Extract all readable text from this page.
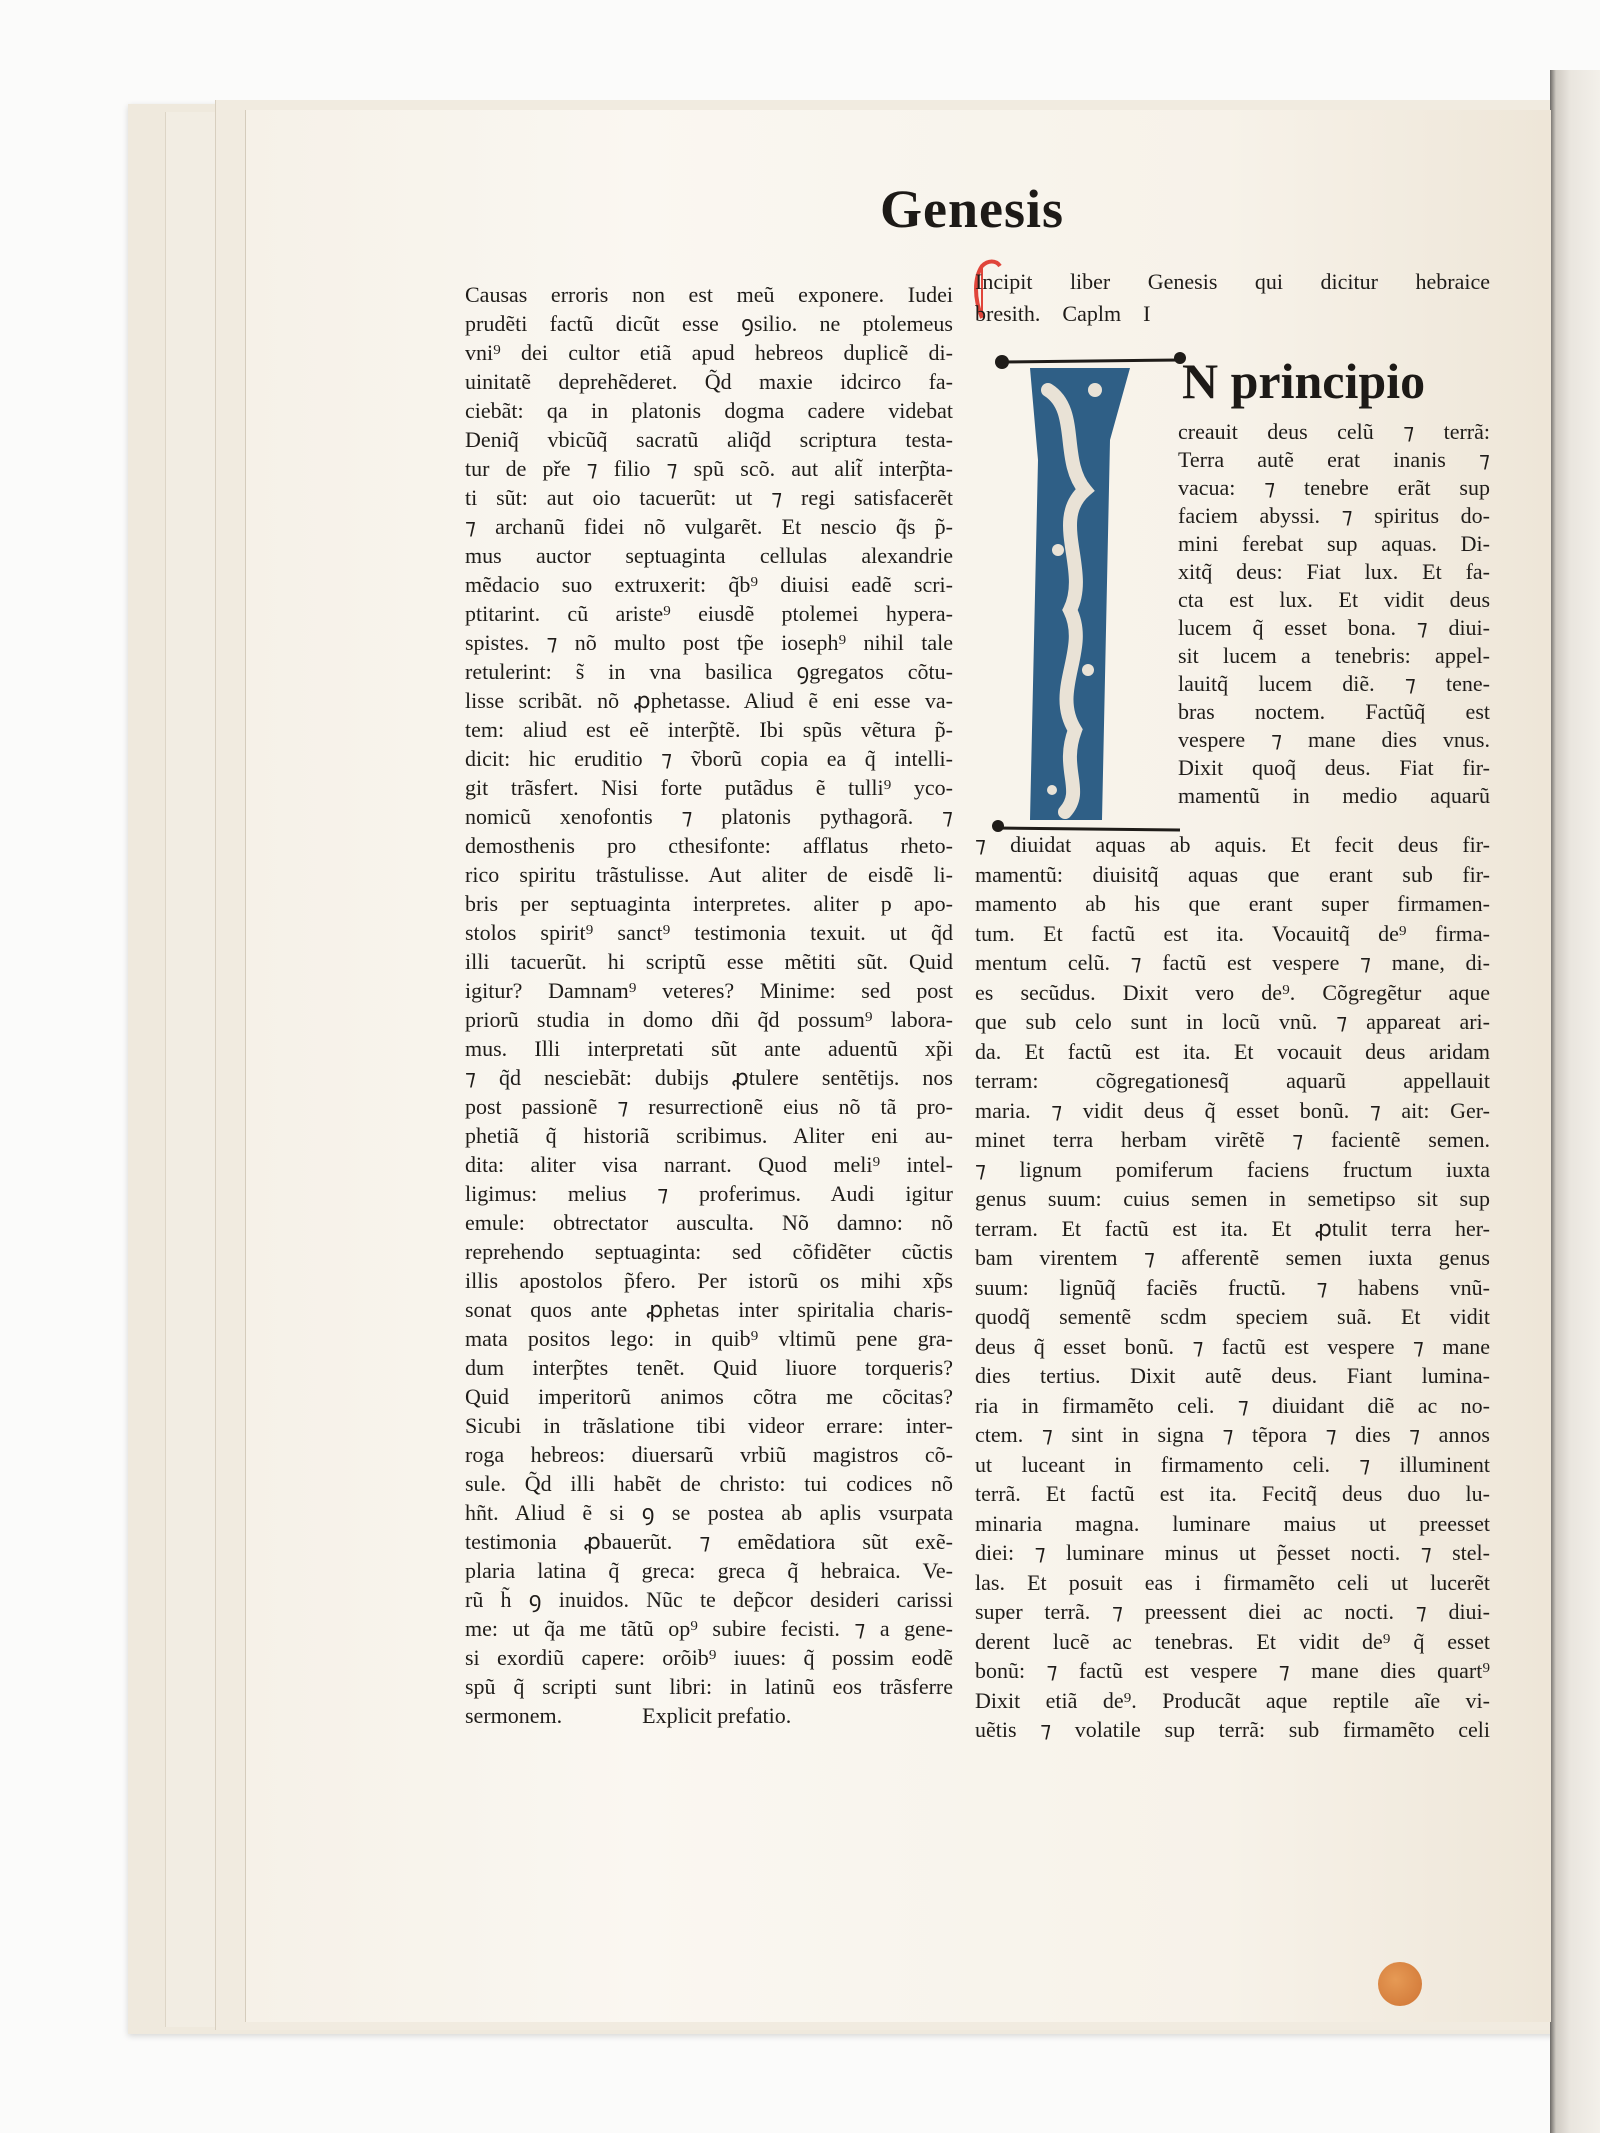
Genesis
Causas erroris non est meũ exponere. Iudei
prudẽti factũ dicũt esse ꝯsilio. ne ptolemeus
vni⁹ dei cultor etiã apud hebreos duplicẽ di-
uinitatẽ deprehẽderet. Q̃d maxie idcirco fa-
ciebãt: qa in platonis dogma cadere videbat
Deniq̃ vbicũq̃ sacratũ aliq̃d scriptura testa-
tur de pře ⁊ filio ⁊ spũ scõ. aut alit̃ interp̃ta-
ti sũt: aut oio tacuerũt: ut ⁊ regi satisfacerẽt
⁊ archanũ fidei nõ vulgarẽt. Et nescio q̃s p̃-
mus auctor septuaginta cellulas alexandrie
mẽdacio suo extruxerit: q̃b⁹ diuisi eadẽ scri-
ptitarint. cũ ariste⁹ eiusdẽ ptolemei hypera-
spistes. ⁊ nõ multo post tp̃e ioseph⁹ nihil tale
retulerint: s̃ in vna basilica ꝯgregatos cõtu-
lisse scribãt. nõ ꝓphetasse. Aliud ẽ eni esse va-
tem: aliud est eẽ interp̃tẽ. Ibi spũs vẽtura p̃-
dicit: hic eruditio ⁊ ṽborũ copia ea q̃ intelli-
git trãsfert. Nisi forte putãdus ẽ tulli⁹ yco-
nomicũ xenofontis ⁊ platonis pythagorã. ⁊
demosthenis pro cthesifonte: afflatus rheto-
rico spiritu trãstulisse. Aut aliter de eisdẽ li-
bris per septuaginta interpretes. aliter p apo-
stolos spirit⁹ sanct⁹ testimonia texuit. ut q̃d
illi tacuerũt. hi scriptũ esse mẽtiti sũt. Quid
igitur? Damnam⁹ veteres? Minime: sed post
priorũ studia in domo dñi q̃d possum⁹ labora-
mus. Illi interpretati sũt ante aduentũ xp̃i
⁊ q̃d nesciebãt: dubijs ꝓtulere sentẽtijs. nos
post passionẽ ⁊ resurrectionẽ eius nõ tã pro-
phetiã q̃ historiã scribimus. Aliter eni au-
dita: aliter visa narrant. Quod meli⁹ intel-
ligimus: melius ⁊ proferimus. Audi igitur
emule: obtrectator ausculta. Nõ damno: nõ
reprehendo septuaginta: sed cõfidẽter cũctis
illis apostolos p̃fero. Per istorũ os mihi xp̃s
sonat quos ante ꝓphetas inter spiritalia charis-
mata positos lego: in quib⁹ vltimũ pene gra-
dum interp̃tes tenẽt. Quid liuore torqueris?
Quid imperitorũ animos cõtra me cõcitas?
Sicubi in trãslatione tibi videor errare: inter-
roga hebreos: diuersarũ vrbiũ magistros cõ-
sule. Q̃d illi habẽt de christo: tui codices nõ
hñt. Aliud ẽ si ꝯ se postea ab aplis vsurpata
testimonia ꝓbauerũt. ⁊ emẽdatiora sũt exẽ-
plaria latina q̃ greca: greca q̃ hebraica. Ve-
rũ h̃ ꝯ inuidos. Nũc te dep̃cor desideri carissi
me: ut q̃a me tãtũ op⁹ subire fecisti. ⁊ a gene-
si exordiũ capere: orõib⁹ iuues: q̃ possim eodẽ
spũ q̃ scripti sunt libri: in latinũ eos trãsferre
sermonem.	Explicit prefatio.
Incipit liber Genesis qui dicitur hebraice
bresith. Caplm I
N principio
creauit deus celũ ⁊ terrã:
Terra autẽ erat inanis ⁊
vacua: ⁊ tenebre erãt sup
faciem abyssi. ⁊ spiritus do-
mini ferebat sup aquas. Di-
xitq̃ deus: Fiat lux. Et fa-
cta est lux. Et vidit deus
lucem q̃ esset bona. ⁊ diui-
sit lucem a tenebris: appel-
lauitq̃ lucem diẽ. ⁊ tene-
bras noctem. Factũq̃ est
vespere ⁊ mane dies vnus.
Dixit quoq̃ deus. Fiat fir-
mamentũ in medio aquarũ
⁊ diuidat aquas ab aquis. Et fecit deus fir-
mamentũ: diuisitq̃ aquas que erant sub fir-
mamento ab his que erant super firmamen-
tum. Et factũ est ita. Vocauitq̃ de⁹ firma-
mentum celũ. ⁊ factũ est vespere ⁊ mane, di-
es secũdus. Dixit vero de⁹. Cõgregẽtur aque
que sub celo sunt in locũ vnũ. ⁊ appareat ari-
da. Et factũ est ita. Et vocauit deus aridam
terram: cõgregationesq̃ aquarũ appellauit
maria. ⁊ vidit deus q̃ esset bonũ. ⁊ ait: Ger-
minet terra herbam virẽtẽ ⁊ facientẽ semen.
⁊ lignum pomiferum faciens fructum iuxta
genus suum: cuius semen in semetipso sit sup
terram. Et factũ est ita. Et ꝓtulit terra her-
bam virentem ⁊ afferentẽ semen iuxta genus
suum: lignũq̃ faciẽs fructũ. ⁊ habens vnũ-
quodq̃ sementẽ scdm speciem suã. Et vidit
deus q̃ esset bonũ. ⁊ factũ est vespere ⁊ mane
dies tertius. Dixit autẽ deus. Fiant lumina-
ria in firmamẽto celi. ⁊ diuidant diẽ ac no-
ctem. ⁊ sint in signa ⁊ tẽpora ⁊ dies ⁊ annos
ut luceant in firmamento celi. ⁊ illuminent
terrã. Et factũ est ita. Fecitq̃ deus duo lu-
minaria magna. luminare maius ut preesset
diei: ⁊ luminare minus ut p̃esset nocti. ⁊ stel-
las. Et posuit eas i firmamẽto celi ut lucerẽt
super terrã. ⁊ preessent diei ac nocti. ⁊ diui-
derent lucẽ ac tenebras. Et vidit de⁹ q̃ esset
bonũ: ⁊ factũ est vespere ⁊ mane dies quart⁹
Dixit etiã de⁹. Producãt aque reptile aĩe vi-
uẽtis ⁊ volatile sup terrã: sub firmamẽto celi
